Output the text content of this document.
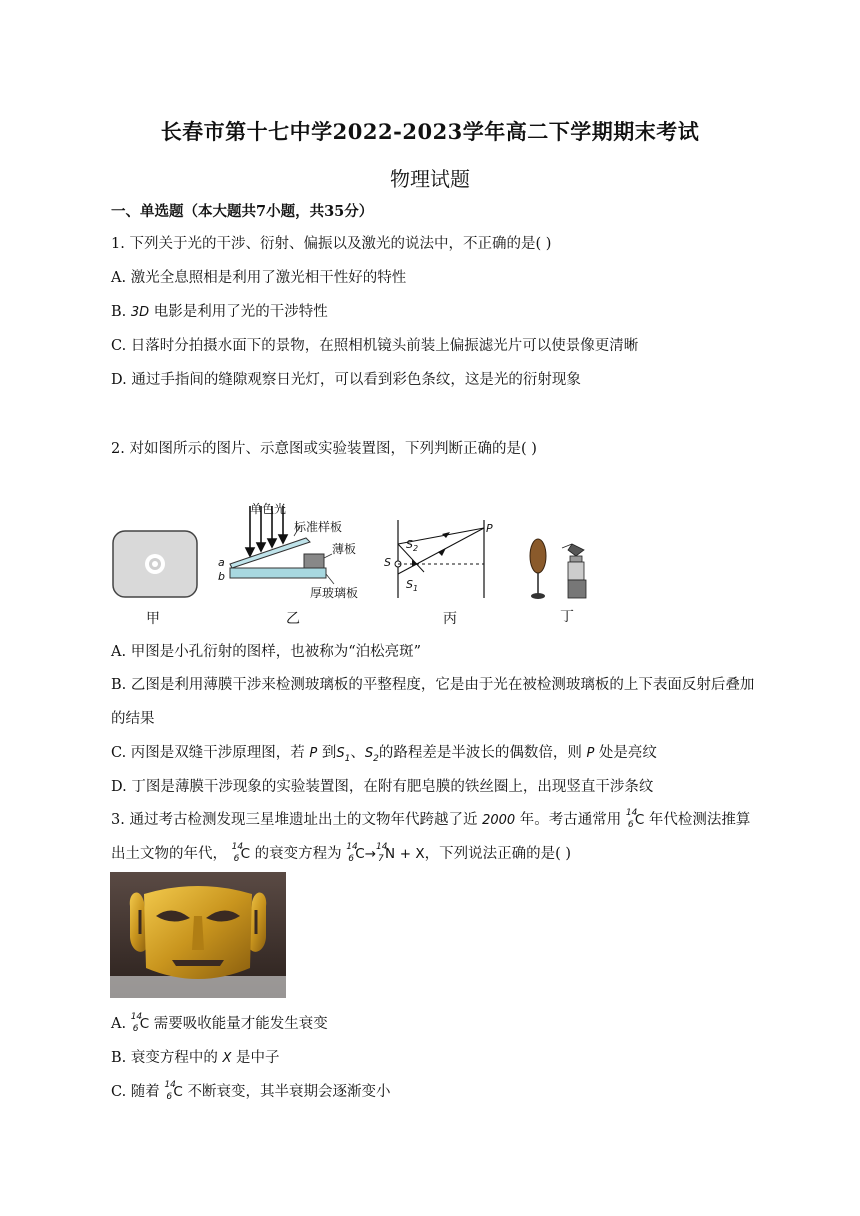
长春市第十七中学2022-2023学年高二下学期期末考试
物理试题
一、单选题（本大题共7小题，共35分）
1. 下列关于光的干涉、衍射、偏振以及激光的说法中，不正确的是( )
A. 激光全息照相是利用了激光相干性好的特性
B. 3D 电影是利用了光的干涉特性
C. 日落时分拍摄水面下的景物，在照相机镜头前装上偏振滤光片可以使景像更清晰
D. 通过手指间的缝隙观察日光灯，可以看到彩色条纹，这是光的衍射现象
2. 对如图所示的图片、示意图或实验装置图，下列判断正确的是( )
甲
单色光
标准样板
薄板
厚玻璃板
a
b
乙
S
$S_2$
$S_1$
P
丙	丁
A. 甲图是小孔衍射的图样，也被称为“泊松亮斑”
B. 乙图是利用薄膜干涉来检测玻璃板的平整程度，它是由于光在被检测玻璃板的上下表面反射后叠加
的结果
C. 丙图是双缝干涉原理图，若 P 到$S_1$、$S_2$的路程差是半波长的偶数倍，则 P 处是亮纹
D. 丁图是薄膜干涉现象的实验装置图，在附有肥皂膜的铁丝圈上，出现竖直干涉条纹
3. 通过考古检测发现三星堆遗址出土的文物年代跨越了近 2000 年。考古通常用 14
6 C 年代检测法推算
出土文物的年代， 14
6 C 的衰变方程为 14
6 C→ 14
7 N + X，下列说法正确的是( )
A. 14
6 C 需要吸收能量才能发生衰变
B. 衰变方程中的 X 是中子
C. 随着 14
6 C 不断衰变，其半衰期会逐渐变小
